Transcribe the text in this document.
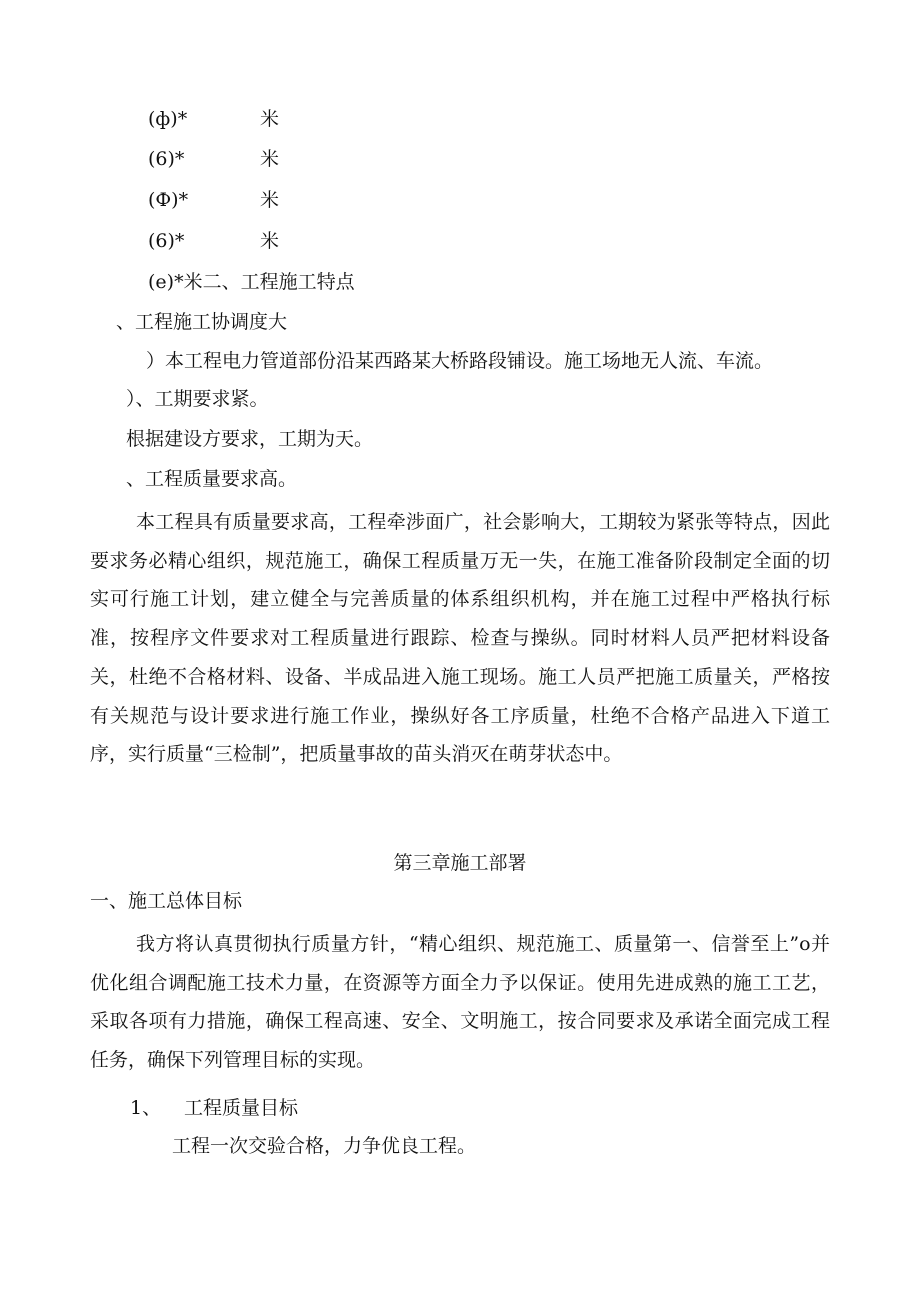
(ф)*	米
(6)*	米
(Ф)*	米
(6)*	米
(e)*米二、工程施工特点
、工程施工协调度大
）本工程电力管道部份沿某西路某大桥路段铺设。施工场地无人流、车流。
）、工期要求紧。
根据建设方要求，工期为天。
、工程质量要求高。

本工程具有质量要求高，工程牵涉面广，社会影响大，工期较为紧张等特点，因此要求务必精心组织，规范施工，确保工程质量万无一失，在施工准备阶段制定全面的切实可行施工计划，建立健全与完善质量的体系组织机构，并在施工过程中严格执行标准，按程序文件要求对工程质量进行跟踪、检查与操纵。同时材料人员严把材料设备关，杜绝不合格材料、设备、半成品进入施工现场。施工人员严把施工质量关，严格按有关规范与设计要求进行施工作业，操纵好各工序质量，杜绝不合格产品进入下道工序，实行质量“三检制”，把质量事故的苗头消灭在萌芽状态中。

第三章施工部署
一、施工总体目标

我方将认真贯彻执行质量方针，“精心组织、规范施工、质量第一、信誉至上”o并优化组合调配施工技术力量，在资源等方面全力予以保证。使用先进成熟的施工工艺，采取各项有力措施，确保工程高速、安全、文明施工，按合同要求及承诺全面完成工程任务，确保下列管理目标的实现。

1、 工程质量目标
工程一次交验合格，力争优良工程。
